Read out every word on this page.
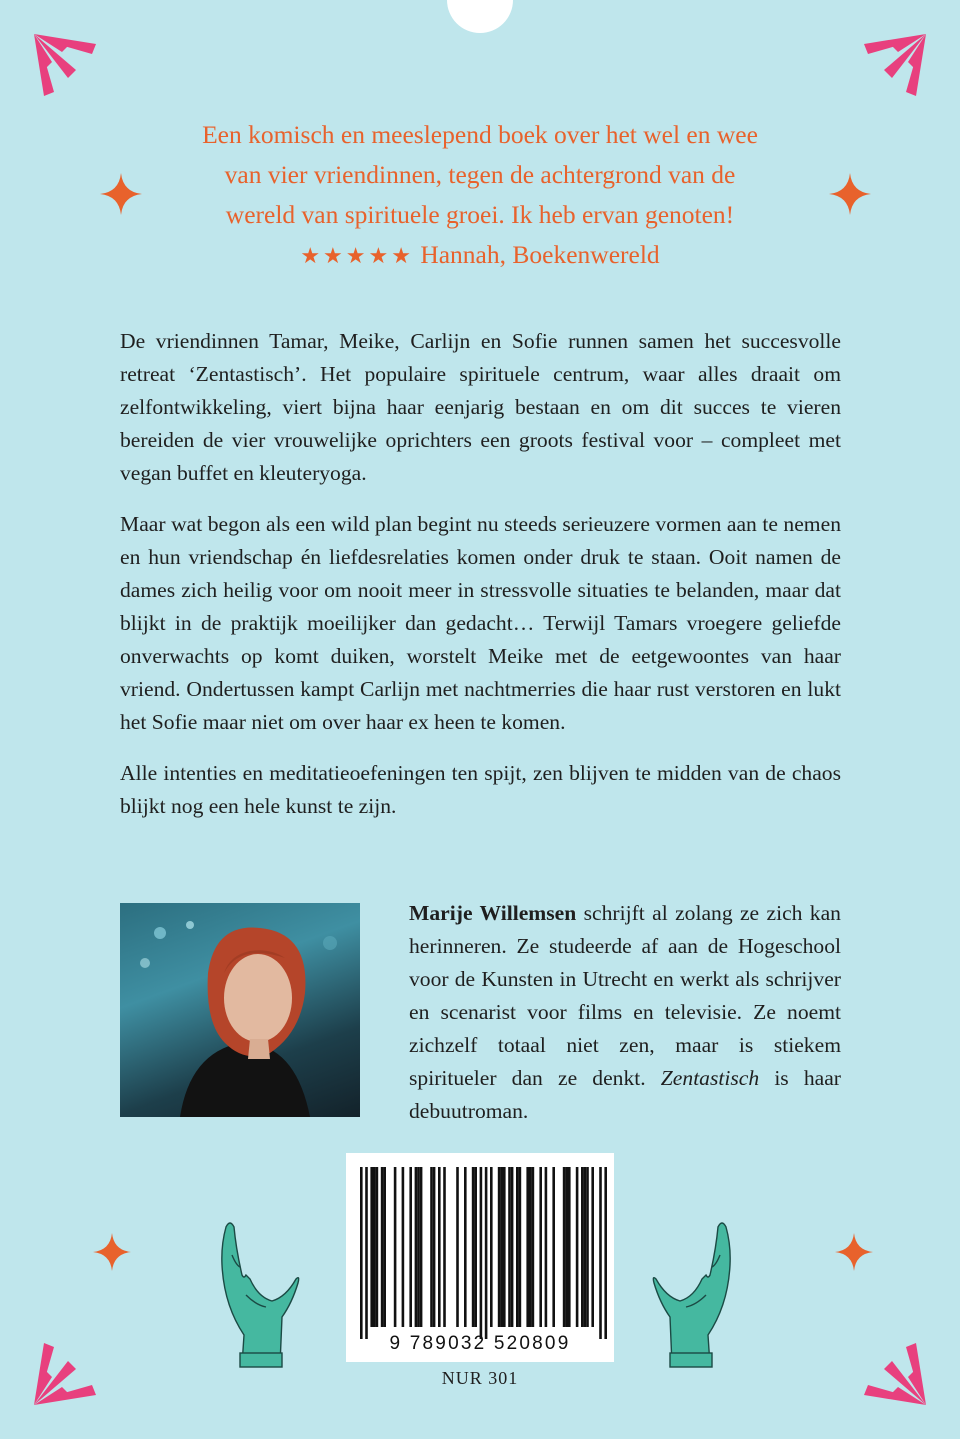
Een komisch en meeslepend boek over het wel en wee

van vier vriendinnen, tegen de achtergrond van de

wereld van spirituele groei. Ik heb ervan genoten!

★★★★★ Hannah, Boekenwereld

De vriendinnen Tamar, Meike, Carlijn en Sofie runnen samen het succesvolle retreat ‘Zentastisch’. Het populaire spirituele centrum, waar alles draait om zelfontwikkeling, viert bijna haar eenjarig bestaan en om dit succes te vieren bereiden de vier vrouwelijke oprichters een groots festival voor – compleet met vegan buffet en kleuteryoga.

Maar wat begon als een wild plan begint nu steeds serieuzere vormen aan te nemen en hun vriendschap én liefdesrelaties komen onder druk te staan. Ooit namen de dames zich heilig voor om nooit meer in stressvolle situaties te belanden, maar dat blijkt in de praktijk moeilijker dan gedacht… Terwijl Tamars vroegere geliefde onverwachts op komt duiken, worstelt Meike met de eetgewoontes van haar vriend. Ondertussen kampt Carlijn met nachtmerries die haar rust verstoren en lukt het Sofie maar niet om over haar ex heen te komen.

Alle intenties en meditatieoefeningen ten spijt, zen blijven te midden van de chaos blijkt nog een hele kunst te zijn.

Marije Willemsen schrijft al zolang ze zich kan herinneren. Ze studeerde af aan de Hogeschool voor de Kunsten in Utrecht en werkt als schrijver en scenarist voor films en televisie. Ze noemt zichzelf totaal niet zen, maar is stiekem spiritueler dan ze denkt. Zentastisch is haar debuutroman.

9 789032 520809
NUR 301
